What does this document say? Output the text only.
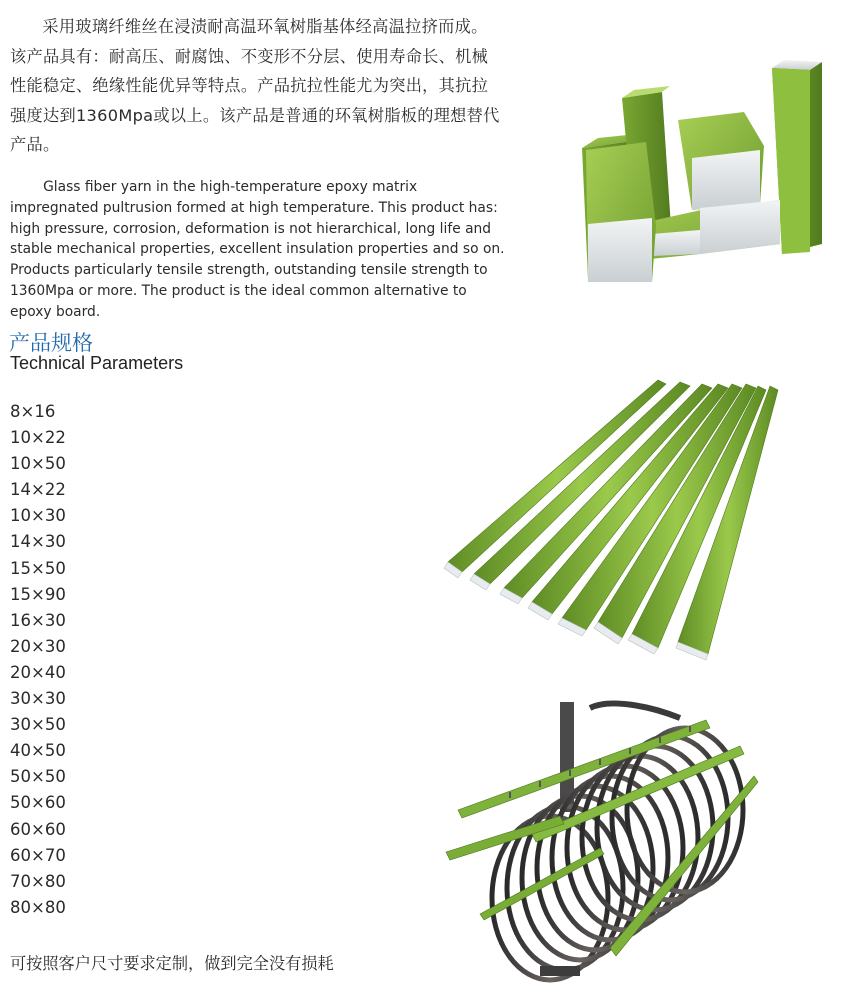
采用玻璃纤维丝在浸渍耐高温环氧树脂基体经高温拉挤而成。该产品具有：耐高压、耐腐蚀、不变形不分层、使用寿命长、机械性能稳定、绝缘性能优异等特点。产品抗拉性能尤为突出，其抗拉强度达到1360Mpa或以上。该产品是普通的环氧树脂板的理想替代产品。

Glass fiber yarn in the high-temperature epoxy matrix impregnated pultrusion formed at high temperature. This product has: high pressure, corrosion, deformation is not hierarchical, long life and stable mechanical properties, excellent insulation properties and so on. Products particularly tensile strength, outstanding tensile strength to 1360Mpa or more. The product is the ideal common alternative to epoxy board.

产品规格
Technical Parameters
8×16
10×22
10×50
14×22
10×30
14×30
15×50
15×90
16×30
20×30
20×40
30×30
30×50
40×50
50×50
50×60
60×60
60×70
70×80
80×80

可按照客户尺寸要求定制，做到完全没有损耗
